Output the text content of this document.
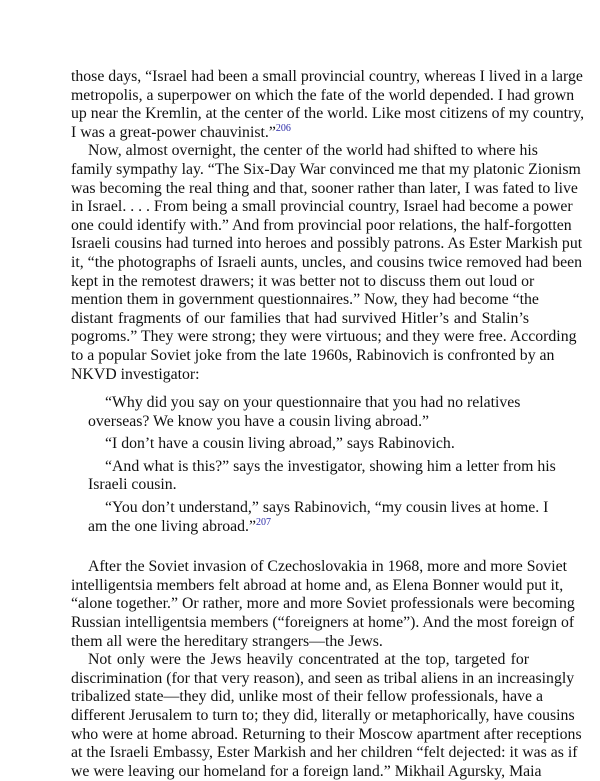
those days, “Israel had been a small provincial country, whereas I lived in a large
metropolis, a superpower on which the fate of the world depended. I had grown
up near the Kremlin, at the center of the world. Like most citizens of my country,
I was a great-power chauvinist.”$^{206}$
Now, almost overnight, the center of the world had shifted to where his
family sympathy lay. “The Six-Day War convinced me that my platonic Zionism
was becoming the real thing and that, sooner rather than later, I was fated to live
in Israel. . . . From being a small provincial country, Israel had become a power
one could identify with.” And from provincial poor relations, the half-forgotten
Israeli cousins had turned into heroes and possibly patrons. As Ester Markish put
it, “the photographs of Israeli aunts, uncles, and cousins twice removed had been
kept in the remotest drawers; it was better not to discuss them out loud or
mention them in government questionnaires.” Now, they had become “the
distant fragments of our families that had survived Hitler’s and Stalin’s
pogroms.” They were strong; they were virtuous; and they were free. According
to a popular Soviet joke from the late 1960s, Rabinovich is confronted by an
NKVD investigator:
“Why did you say on your questionnaire that you had no relatives
overseas? We know you have a cousin living abroad.”
“I don’t have a cousin living abroad,” says Rabinovich.
“And what is this?” says the investigator, showing him a letter from his
Israeli cousin.
“You don’t understand,” says Rabinovich, “my cousin lives at home. I
am the one living abroad.”$^{207}$
After the Soviet invasion of Czechoslovakia in 1968, more and more Soviet
intelligentsia members felt abroad at home and, as Elena Bonner would put it,
“alone together.” Or rather, more and more Soviet professionals were becoming
Russian intelligentsia members (“foreigners at home”). And the most foreign of
them all were the hereditary strangers—the Jews.
Not only were the Jews heavily concentrated at the top, targeted for
discrimination (for that very reason), and seen as tribal aliens in an increasingly
tribalized state—they did, unlike most of their fellow professionals, have a
different Jerusalem to turn to; they did, literally or metaphorically, have cousins
who were at home abroad. Returning to their Moscow apartment after receptions
at the Israeli Embassy, Ester Markish and her children “felt dejected: it was as if
we were leaving our homeland for a foreign land.” Mikhail Agursky, Maia
